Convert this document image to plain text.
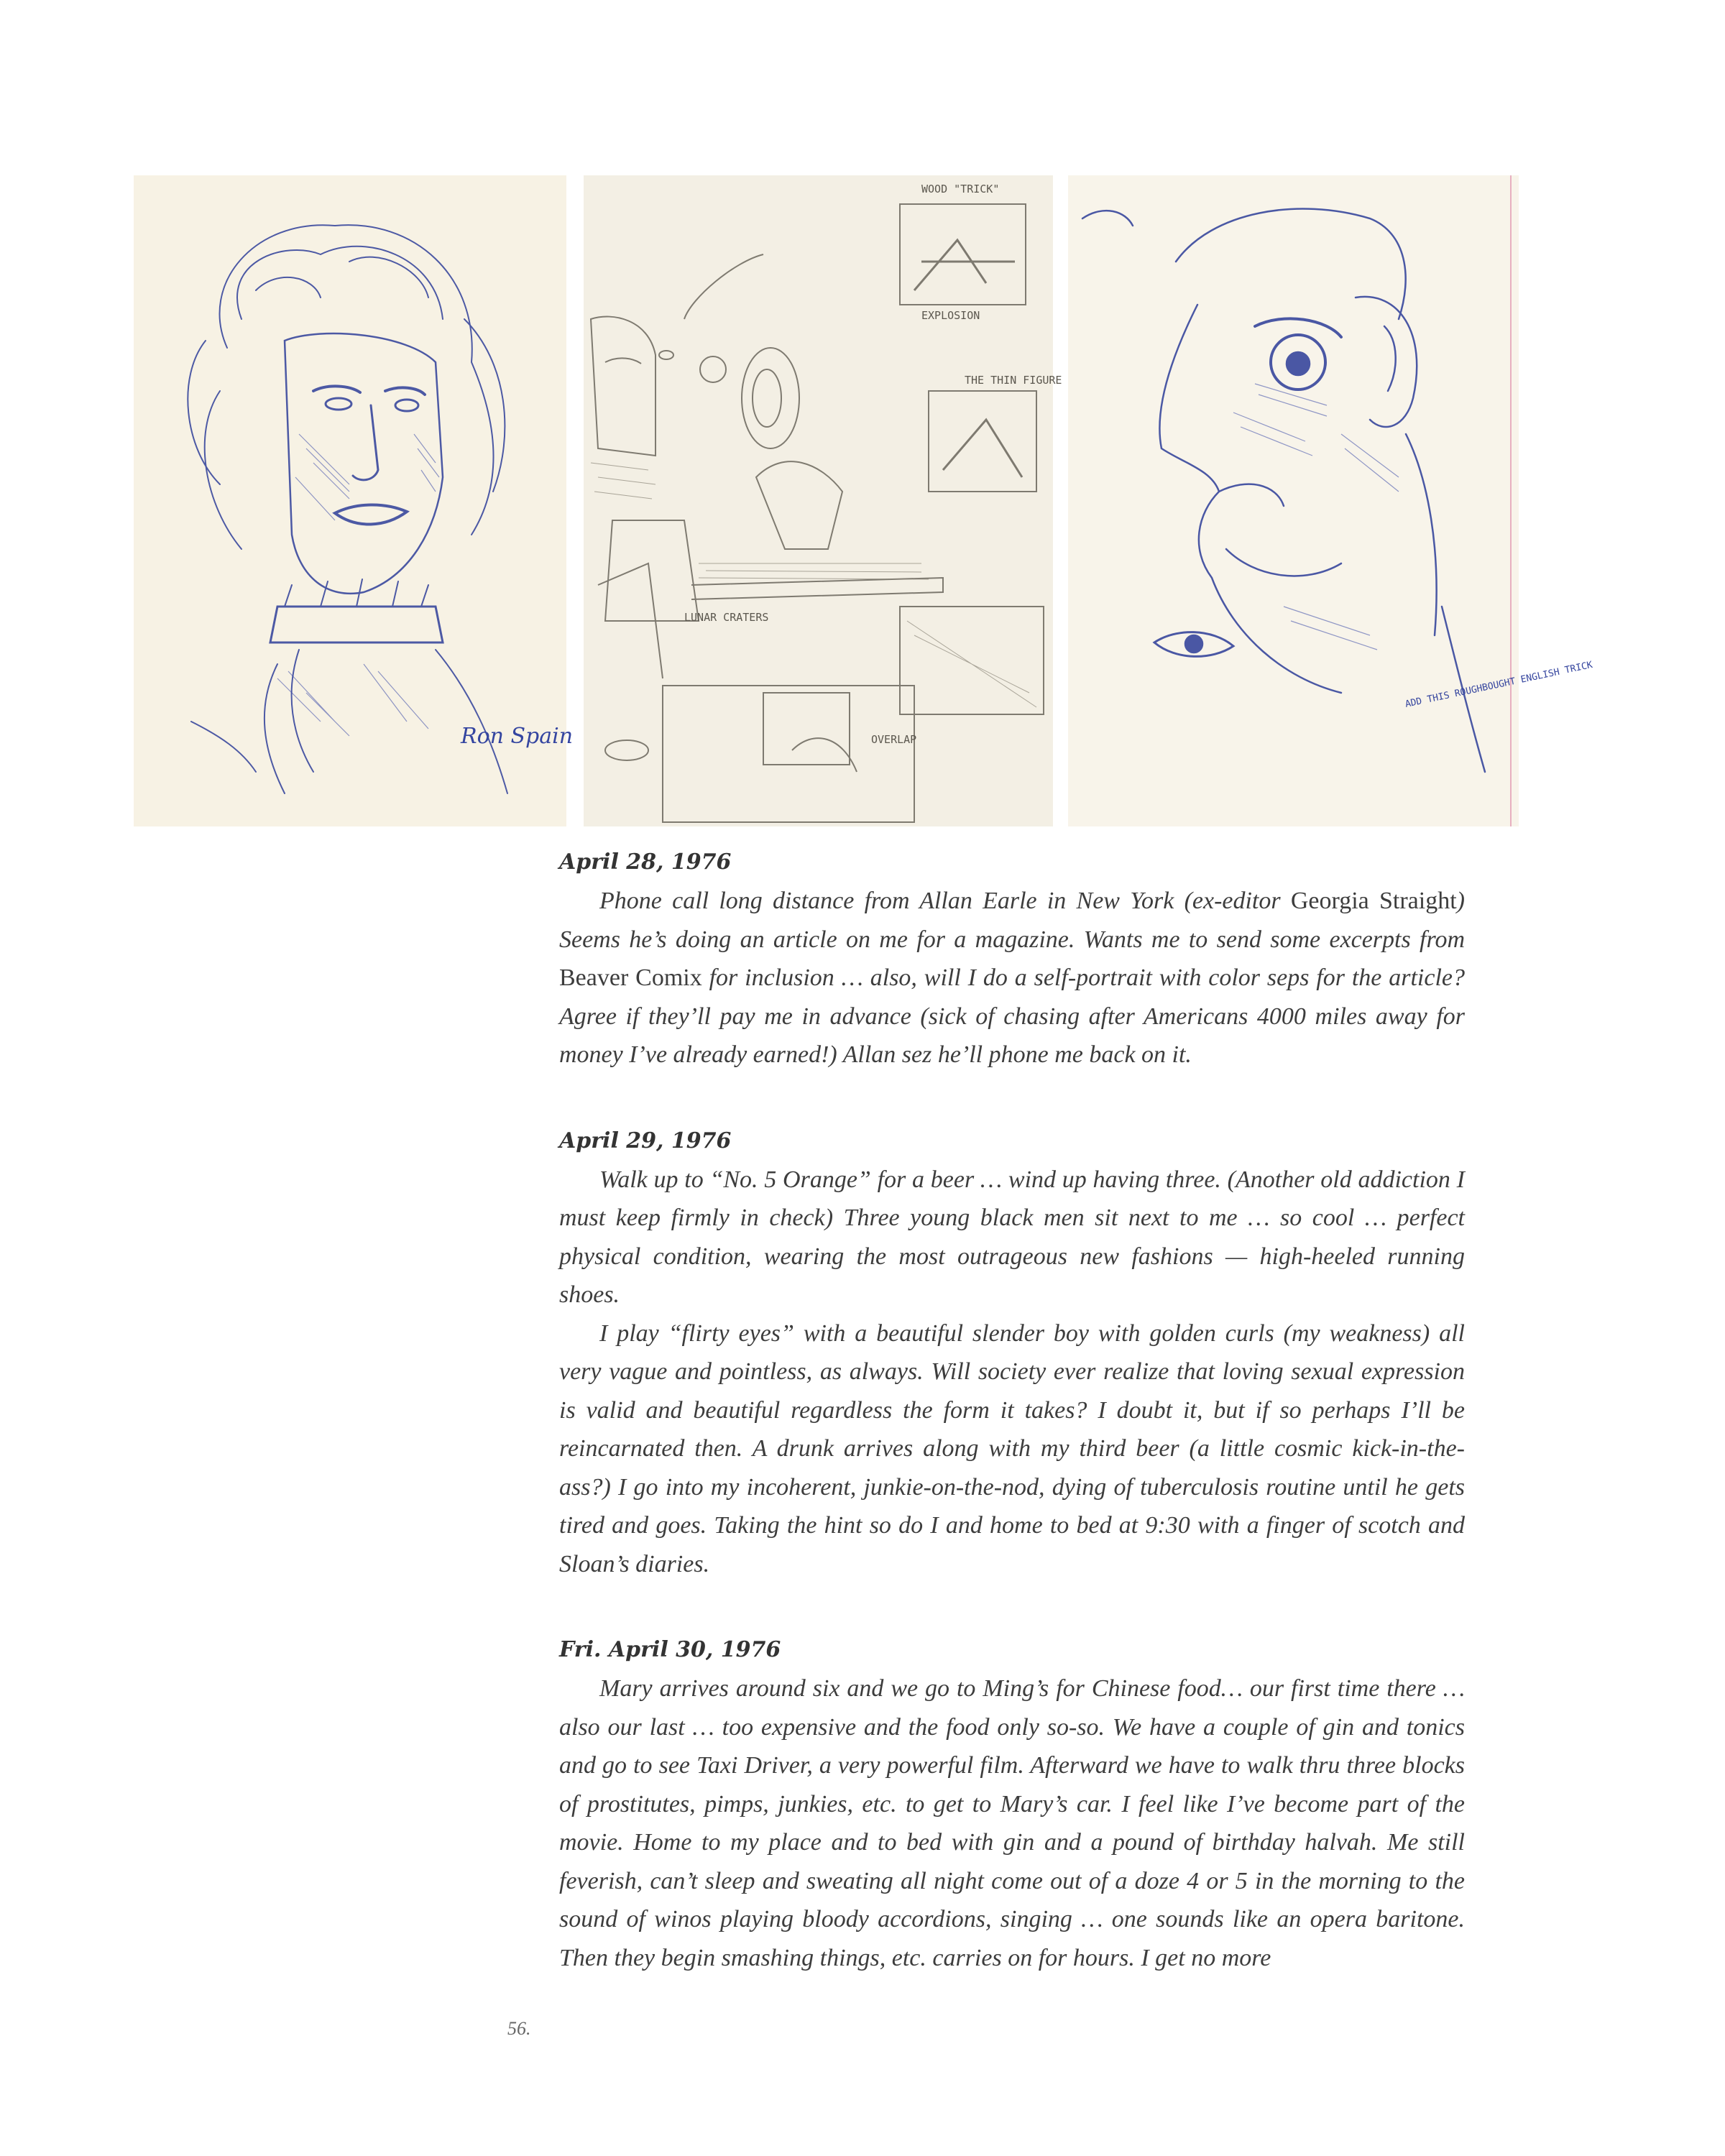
Ron Spain
WOOD "TRICK"
EXPLOSION
LUNAR CRATERS
THE THIN FIGURE
OVERLAP
ADD THIS ROUGHBOUGHT ENGLISH TRICK
April 28, 1976

Phone call long distance from Allan Earle in New York (ex-editor Georgia Straight) Seems he’s doing an article on me for a magazine. Wants me to send some excerpts from Beaver Comix for inclusion … also, will I do a self-portrait with color seps for the article? Agree if they’ll pay me in advance (sick of chasing after Americans 4000 miles away for money I’ve already earned!) Allan sez he’ll phone me back on it.

April 29, 1976

Walk up to “No. 5 Orange” for a beer … wind up having three. (Another old addiction I must keep firmly in check) Three young black men sit next to me … so cool … perfect physical condition, wearing the most outrageous new fashions — high-heeled running shoes.

I play “flirty eyes” with a beautiful slender boy with golden curls (my weakness) all very vague and pointless, as always. Will society ever realize that loving sexual expression is valid and beautiful regardless the form it takes? I doubt it, but if so perhaps I’ll be reincarnated then. A drunk arrives along with my third beer (a little cosmic kick-in-the-ass?) I go into my incoherent, junkie-on-the-nod, dying of tuberculosis routine until he gets tired and goes. Taking the hint so do I and home to bed at 9:30 with a finger of scotch and Sloan’s diaries.

Fri. April 30, 1976

Mary arrives around six and we go to Ming’s for Chinese food… our first time there … also our last … too expensive and the food only so-so. We have a couple of gin and tonics and go to see Taxi Driver, a very powerful film. Afterward we have to walk thru three blocks of prostitutes, pimps, junkies, etc. to get to Mary’s car. I feel like I’ve become part of the movie. Home to my place and to bed with gin and a pound of birthday halvah. Me still feverish, can’t sleep and sweating all night come out of a doze 4 or 5 in the morning to the sound of winos playing bloody accordions, singing … one sounds like an opera baritone. Then they begin smashing things, etc. carries on for hours. I get no more

56.
